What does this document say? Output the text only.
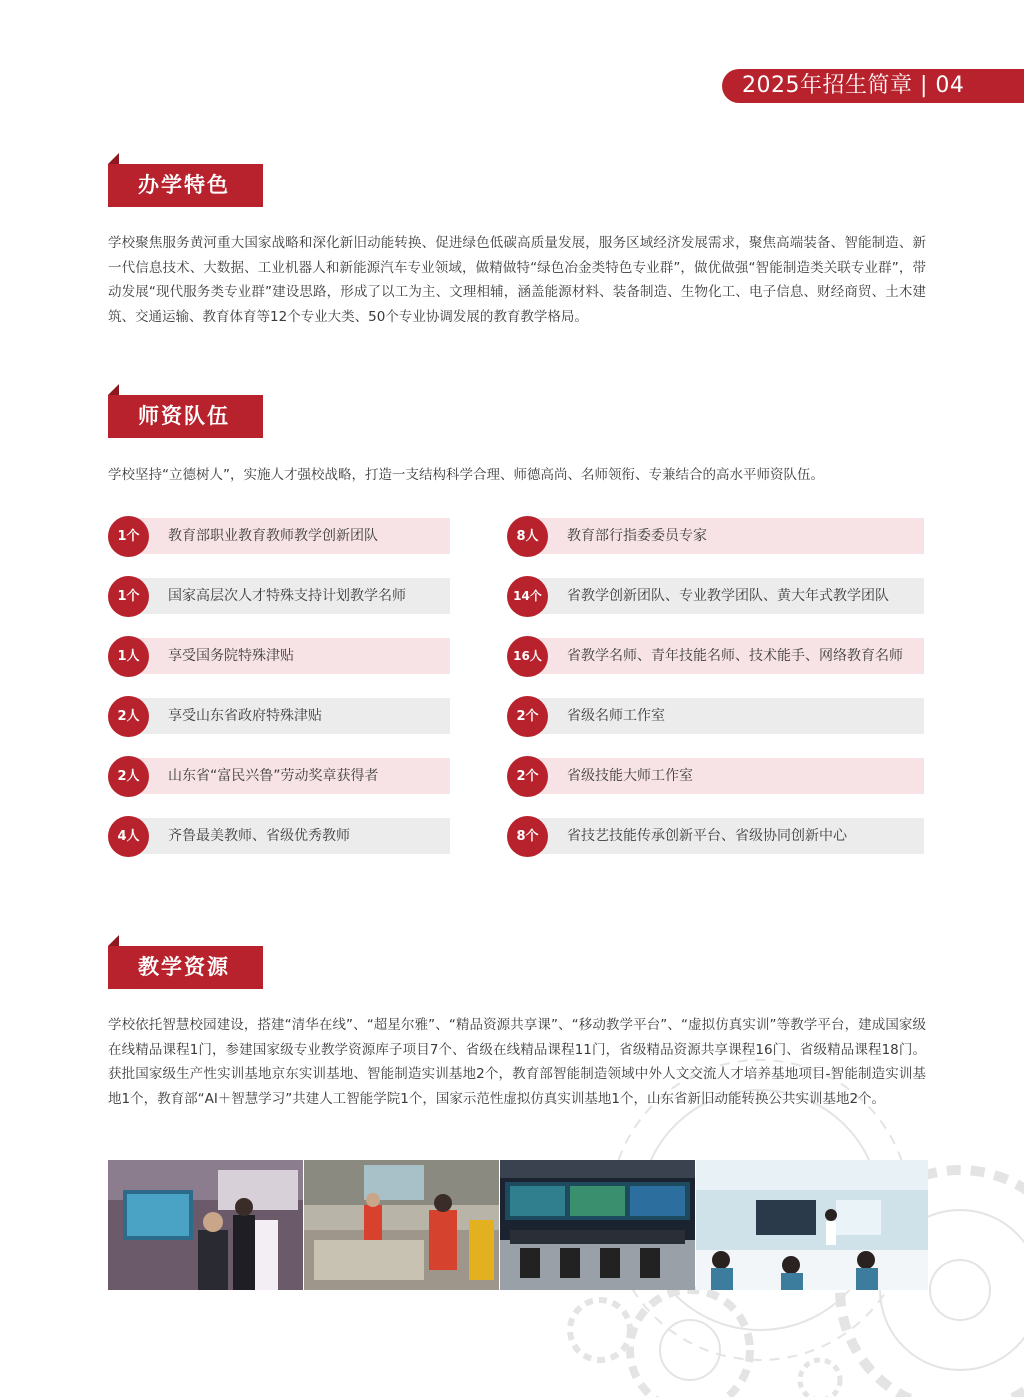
2025年招生简章 | 04
办学特色
学校聚焦服务黄河重大国家战略和深化新旧动能转换、促进绿色低碳高质量发展，服务区域经济发展需求，聚焦高端装备、智能制造、新一代信息技术、大数据、工业机器人和新能源汽车专业领域，做精做特“绿色冶金类特色专业群”，做优做强“智能制造类关联专业群”，带动发展“现代服务类专业群”建设思路，形成了以工为主、文理相辅，涵盖能源材料、装备制造、生物化工、电子信息、财经商贸、土木建筑、交通运输、教育体育等12个专业大类、50个专业协调发展的教育教学格局。
师资队伍
学校坚持“立德树人”，实施人才强校战略，打造一支结构科学合理、师德高尚、名师领衔、专兼结合的高水平师资队伍。
1个	教育部职业教育教师教学创新团队
1个	国家高层次人才特殊支持计划教学名师
1人	享受国务院特殊津贴
2人	享受山东省政府特殊津贴
2人	山东省“富民兴鲁”劳动奖章获得者
4人	齐鲁最美教师、省级优秀教师
8人	教育部行指委委员专家
14个	省教学创新团队、专业教学团队、黄大年式教学团队
16人	省教学名师、青年技能名师、技术能手、网络教育名师
2个	省级名师工作室
2个	省级技能大师工作室
8个	省技艺技能传承创新平台、省级协同创新中心
教学资源
学校依托智慧校园建设，搭建“清华在线”、“超星尔雅”、“精品资源共享课”、“移动教学平台”、“虚拟仿真实训”等教学平台，建成国家级在线精品课程1门，参建国家级专业教学资源库子项目7个、省级在线精品课程11门，省级精品资源共享课程16门、省级精品课程18门。获批国家级生产性实训基地京东实训基地、智能制造实训基地2个，教育部智能制造领域中外人文交流人才培养基地项目-智能制造实训基地1个，教育部“AI＋智慧学习”共建人工智能学院1个，国家示范性虚拟仿真实训基地1个，山东省新旧动能转换公共实训基地2个。
